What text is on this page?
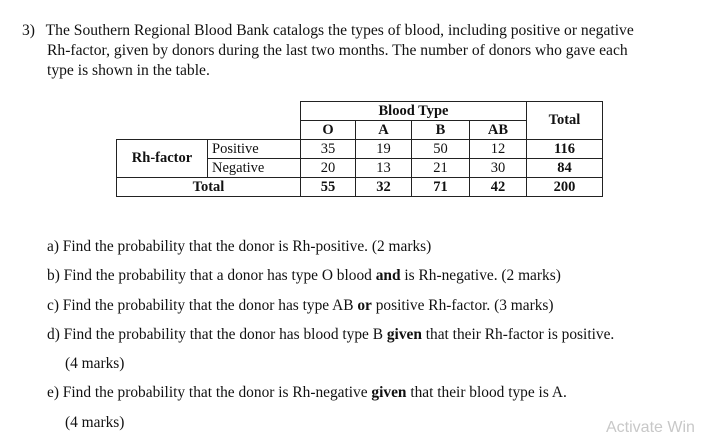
3) The Southern Regional Blood Bank catalogs the types of blood, including positive or negative
Rh-factor, given by donors during the last two months. The number of donors who gave each
type is shown in the table.
		Blood Type				Total
		O	A	B	AB	
Rh-factor	Positive	35	19	50	12	116
	Negative	20	13	21	30	84
Total		55	32	71	42	200
a) Find the probability that the donor is Rh-positive. (2 marks)
b) Find the probability that a donor has type O blood and is Rh-negative. (2 marks)
c) Find the probability that the donor has type AB or positive Rh-factor. (3 marks)
d) Find the probability that the donor has blood type B given that their Rh-factor is positive.
(4 marks)
e) Find the probability that the donor is Rh-negative given that their blood type is A.
(4 marks)	Activate Win
